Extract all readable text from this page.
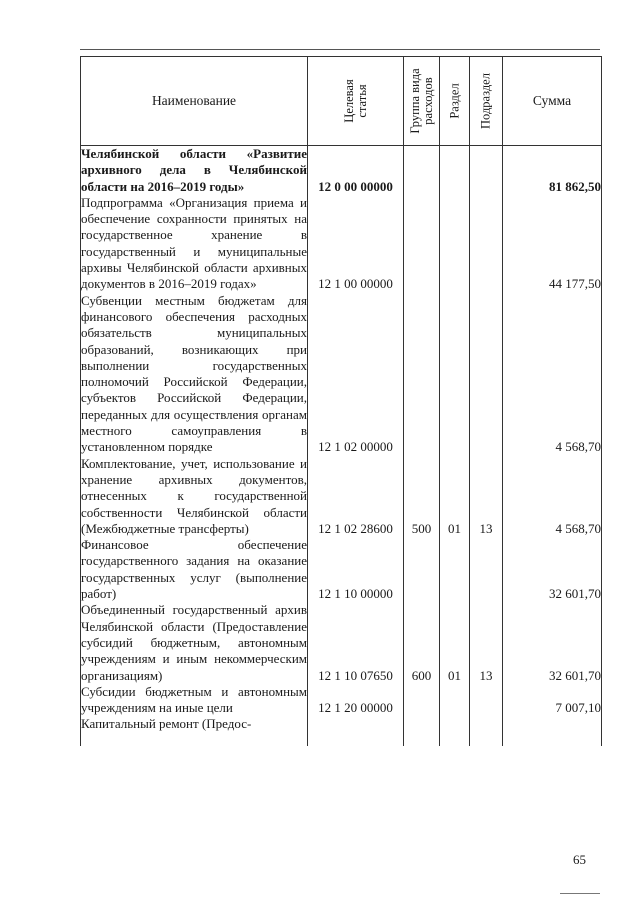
Наименование	Целевая статья	Группа вида расходов	Раздел	Подраздел	Сумма
Челябинской области «Развитие архивного дела в Челябинской области на 2016–2019 годы»	12 0 00 00000				81 862,50
Подпрограмма «Организация приема и обеспечение сохранности принятых на государственное хранение в государственный и муниципальные архивы Челябинской области архивных документов в 2016–2019 годах»	12 1 00 00000				44 177,50
Субвенции местным бюджетам для финансового обеспечения расходных обязательств муниципальных образований, возникающих при выполнении государственных полномочий Российской Федерации, субъектов Российской Федерации, переданных для осуществления органам местного самоуправления в установленном порядке	12 1 02 00000				4 568,70
Комплектование, учет, использование и хранение архивных документов, отнесенных к государственной собственности Челябинской области (Межбюджетные трансферты)	12 1 02 28600	500	01	13	4 568,70
Финансовое обеспечение государственного задания на оказание государственных услуг (выполнение работ)	12 1 10 00000				32 601,70
Объединенный государственный архив Челябинской области (Предоставление субсидий бюджетным, автономным учреждениям и иным некоммерческим организациям)	12 1 10 07650	600	01	13	32 601,70
Субсидии бюджетным и автономным учреждениям на иные цели	12 1 20 00000				7 007,10
Капитальный ремонт (Предос-					
65
